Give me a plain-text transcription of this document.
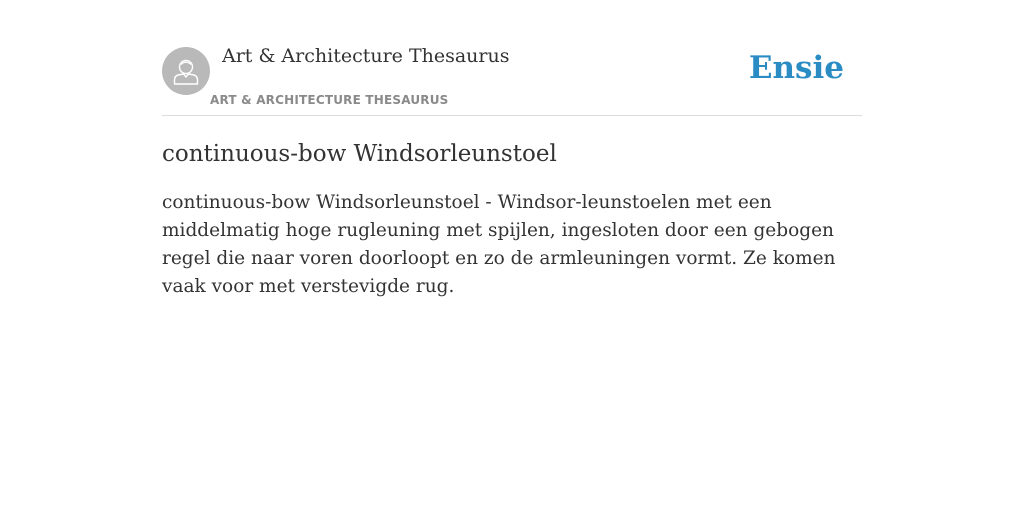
Art & Architecture Thesaurus
ART & ARCHITECTURE THESAURUS
Ensie
continuous-bow Windsorleunstoel

continuous-bow Windsorleunstoel - Windsor-leunstoelen met een middelmatig hoge rugleuning met spijlen, ingesloten door een gebogen regel die naar voren doorloopt en zo de armleuningen vormt. Ze komen vaak voor met verstevigde rug.
